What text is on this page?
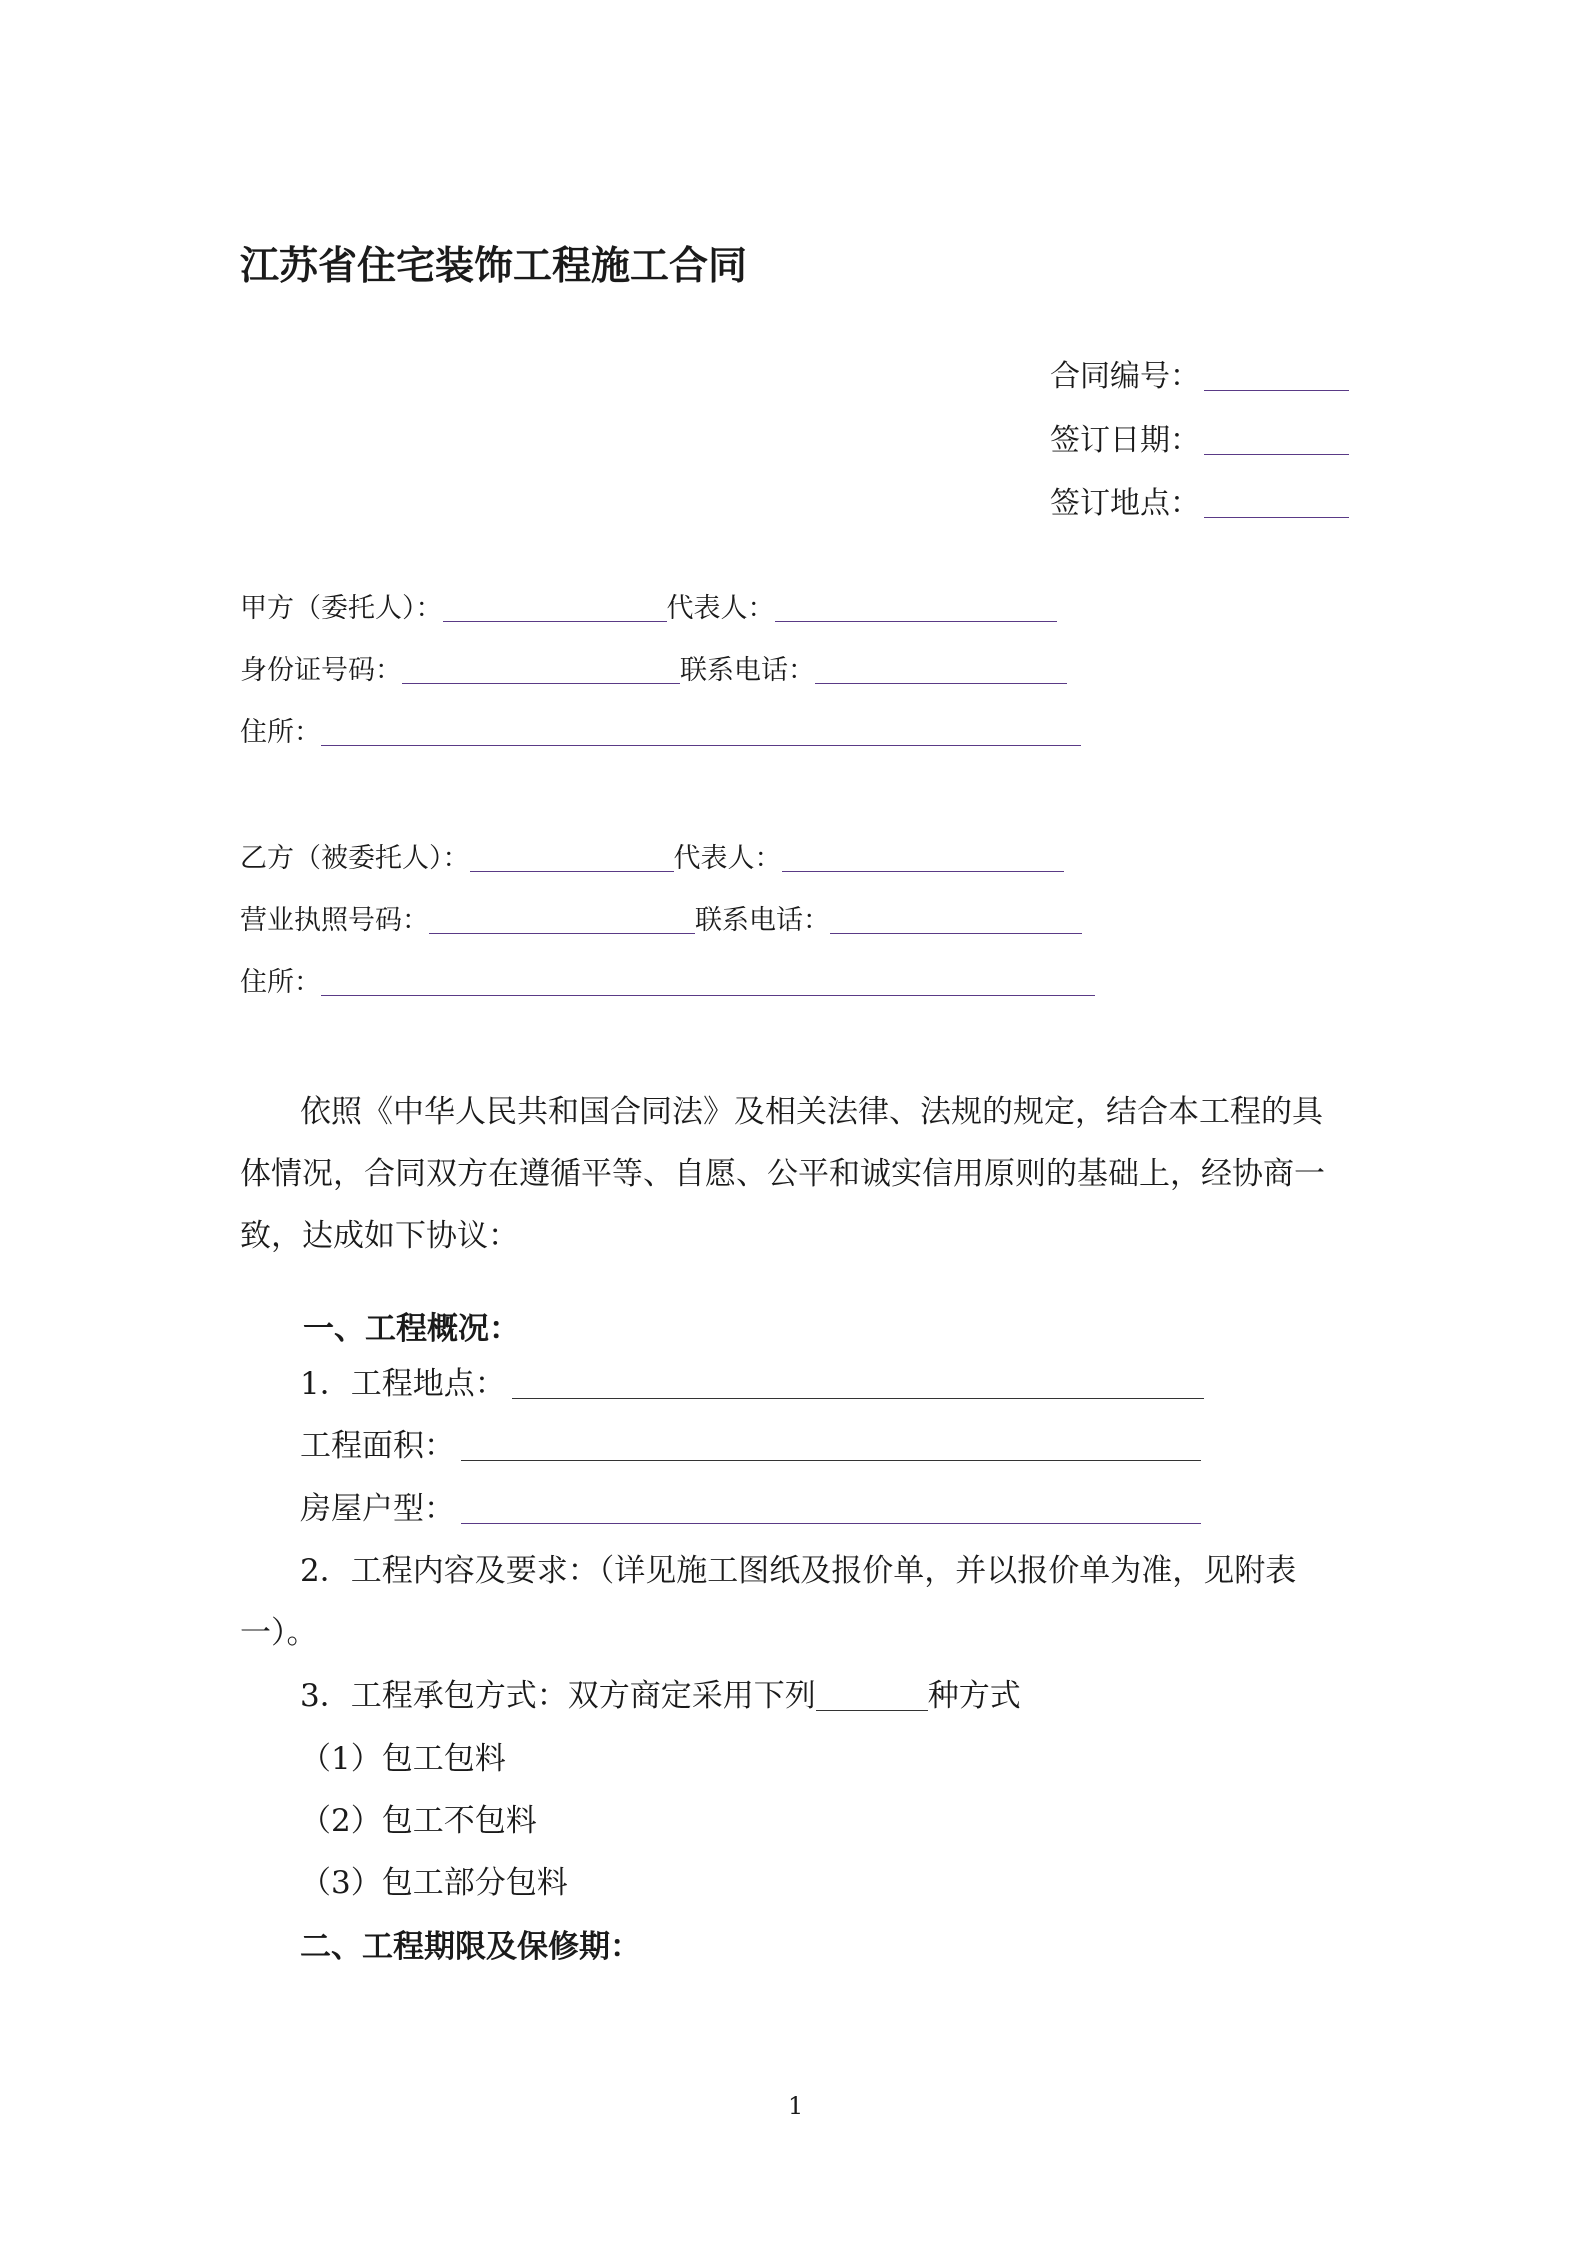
江苏省住宅装饰工程施工合同
合同编号：
签订日期：
签订地点：
甲方（委托人）：	代表人：
身份证号码：	联系电话：
住所：
乙方（被委托人）：	代表人：
营业执照号码：	联系电话：
住所：
依照《中华人民共和国合同法》及相关法律、法规的规定，结合本工程的具
体情况，合同双方在遵循平等、自愿、公平和诚实信用原则的基础上，经协商一
致，达成如下协议：
一、工程概况：
1．工程地点：
工程面积：
房屋户型：
2．工程内容及要求：（详见施工图纸及报价单，并以报价单为准，见附表
一）。
3．工程承包方式：双方商定采用下列	种方式
（1）包工包料
（2）包工不包料
（3）包工部分包料
二、工程期限及保修期：
1
